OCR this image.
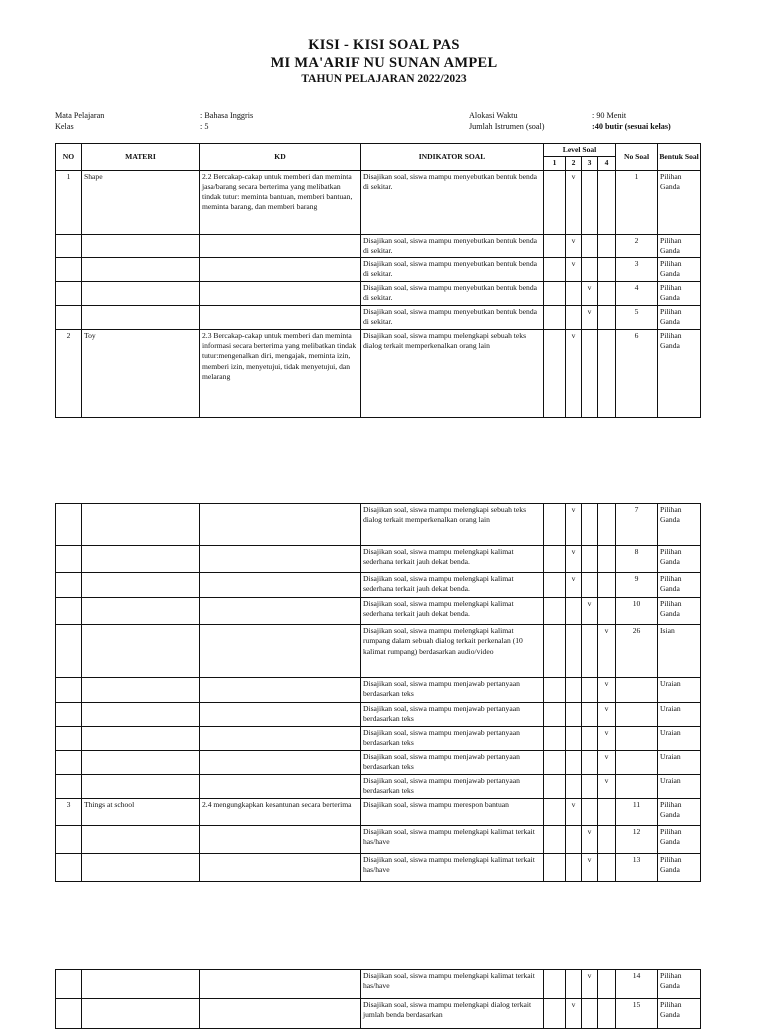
KISI - KISI SOAL PAS
MI MA'ARIF NU SUNAN AMPEL
TAHUN PELAJARAN 2022/2023
Mata Pelajaran	: Bahasa Inggris
Kelas	: 5
Alokasi Waktu	: 90 Menit
Jumlah Istrumen (soal)	:40 butir (sesuai kelas)
NO	MATERI	KD	INDIKATOR SOAL	Level Soal				No Soal	Bentuk Soal
				1	2	3	4		
1	Shape	2.2 Bercakap-cakap untuk memberi dan meminta jasa/barang secara berterima yang melibatkan tindak tutur: meminta bantuan, memberi bantuan, meminta barang, dan memberi barang	Disajikan soal, siswa mampu menyebutkan bentuk benda di sekitar.		v			1	Pilihan Ganda
			Disajikan soal, siswa mampu menyebutkan bentuk benda di sekitar.		v			2	Pilihan Ganda
			Disajikan soal, siswa mampu menyebutkan bentuk benda di sekitar.		v			3	Pilihan Ganda
			Disajikan soal, siswa mampu menyebutkan bentuk benda di sekitar.			v		4	Pilihan Ganda
			Disajikan soal, siswa mampu menyebutkan bentuk benda di sekitar.			v		5	Pilihan Ganda
2	Toy	2.3 Bercakap-cakap untuk memberi dan meminta informasi secara berterima yang melibatkan tindak tutur:mengenalkan diri, mengajak, meminta izin, memberi izin, menyetujui, tidak menyetujui, dan melarang	Disajikan soal, siswa mampu melengkapi sebuah teks dialog terkait memperkenalkan orang lain		v			6	Pilihan Ganda
			Disajikan soal, siswa mampu melengkapi sebuah teks dialog terkait memperkenalkan orang lain		v			7	Pilihan Ganda
			Disajikan soal, siswa mampu melengkapi kalimat sederhana terkait jauh dekat benda.		v			8	Pilihan Ganda
			Disajikan soal, siswa mampu melengkapi kalimat sederhana terkait jauh dekat benda.		v			9	Pilihan Ganda
			Disajikan soal, siswa mampu melengkapi kalimat sederhana terkait jauh dekat benda.			v		10	Pilihan Ganda
			Disajikan soal, siswa mampu melengkapi kalimat rumpang dalam sebuah dialog terkait perkenalan (10 kalimat rumpang) berdasarkan audio/video				v	26	Isian
			Disajikan soal, siswa mampu menjawab pertanyaan berdasarkan teks				v		Uraian
			Disajikan soal, siswa mampu menjawab pertanyaan berdasarkan teks				v		Uraian
			Disajikan soal, siswa mampu menjawab pertanyaan berdasarkan teks				v		Uraian
			Disajikan soal, siswa mampu menjawab pertanyaan berdasarkan teks				v		Uraian
			Disajikan soal, siswa mampu menjawab pertanyaan berdasarkan teks				v		Uraian
3	Things at school	2.4 mengungkapkan kesantunan secara berterima	Disajikan soal, siswa mampu merespon bantuan		v			11	Pilihan Ganda
			Disajikan soal, siswa mampu melengkapi kalimat terkait has/have			v		12	Pilihan Ganda
			Disajikan soal, siswa mampu melengkapi kalimat terkait has/have			v		13	Pilihan Ganda
			Disajikan soal, siswa mampu melengkapi kalimat terkait has/have			v		14	Pilihan Ganda
			Disajikan soal, siswa mampu melengkapi dialog terkait jumlah benda berdasarkan		v			15	Pilihan Ganda
